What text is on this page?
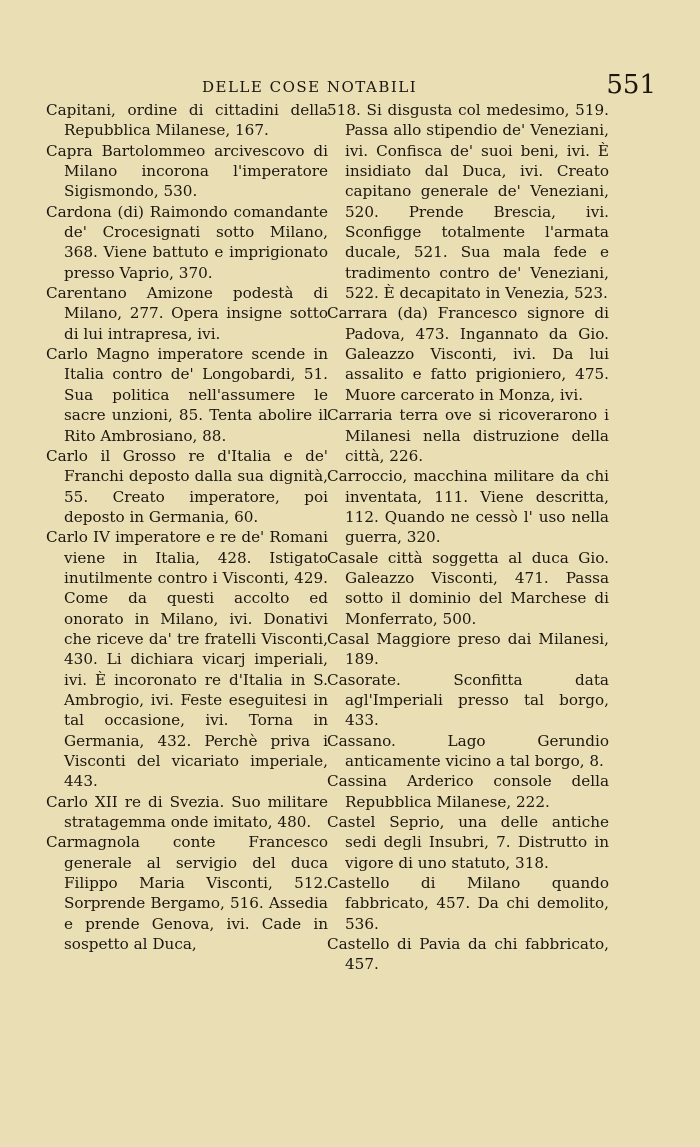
DELLE COSE NOTABILI	551

Capitani, ordine di cittadini della Repubblica Milanese, 167.

Capra Bartolommeo arcivescovo di Milano incorona l'imperatore Sigismondo, 530.

Cardona (di) Raimondo comandante de' Crocesignati sotto Milano, 368. Viene battuto e imprigionato presso Vaprio, 370.

Carentano Amizone podestà di Milano, 277. Opera insigne sotto di lui intrapresa, ivi.

Carlo Magno imperatore scende in Italia contro de' Longobardi, 51. Sua politica nell'assumere le sacre unzioni, 85. Tenta abolire il Rito Ambrosiano, 88.

Carlo il Grosso re d'Italia e de' Franchi deposto dalla sua dignità, 55. Creato imperatore, poi deposto in Germania, 60.

Carlo IV imperatore e re de' Romani viene in Italia, 428. Istigato inutilmente contro i Visconti, 429. Come da questi accolto ed onorato in Milano, ivi. Donativi che riceve da' tre fratelli Visconti, 430. Li dichiara vicarj imperiali, ivi. È incoronato re d'Italia in S. Ambrogio, ivi. Feste eseguitesi in tal occasione, ivi. Torna in Germania, 432. Perchè priva i Visconti del vicariato imperiale, 443.

Carlo XII re di Svezia. Suo militare stratagemma onde imitato, 480.

Carmagnola conte Francesco generale al servigio del duca Filippo Maria Visconti, 512. Sorprende Bergamo, 516. Assedia e prende Genova, ivi. Cade in sospetto al Duca,

518. Si disgusta col medesimo, 519. Passa allo stipendio de' Veneziani, ivi. Confisca de' suoi beni, ivi. È insidiato dal Duca, ivi. Creato capitano generale de' Veneziani, 520. Prende Brescia, ivi. Sconfigge totalmente l'armata ducale, 521. Sua mala fede e tradimento contro de' Veneziani, 522. È decapitato in Venezia, 523.

Carrara (da) Francesco signore di Padova, 473. Ingannato da Gio. Galeazzo Visconti, ivi. Da lui assalito e fatto prigioniero, 475. Muore carcerato in Monza, ivi.

Carraria terra ove si ricoverarono i Milanesi nella distruzione della città, 226.

Carroccio, macchina militare da chi inventata, 111. Viene descritta, 112. Quando ne cessò l' uso nella guerra, 320.

Casale città soggetta al duca Gio. Galeazzo Visconti, 471. Passa sotto il dominio del Marchese di Monferrato, 500.

Casal Maggiore preso dai Milanesi, 189.

Casorate. Sconfitta data agl'Imperiali presso tal borgo, 433.

Cassano. Lago Gerundio anticamente vicino a tal borgo, 8.

Cassina Arderico console della Repubblica Milanese, 222.

Castel Seprio, una delle antiche sedi degli Insubri, 7. Distrutto in vigore di uno statuto, 318.

Castello di Milano quando fabbricato, 457. Da chi demolito, 536.

Castello di Pavia da chi fabbricato, 457.
